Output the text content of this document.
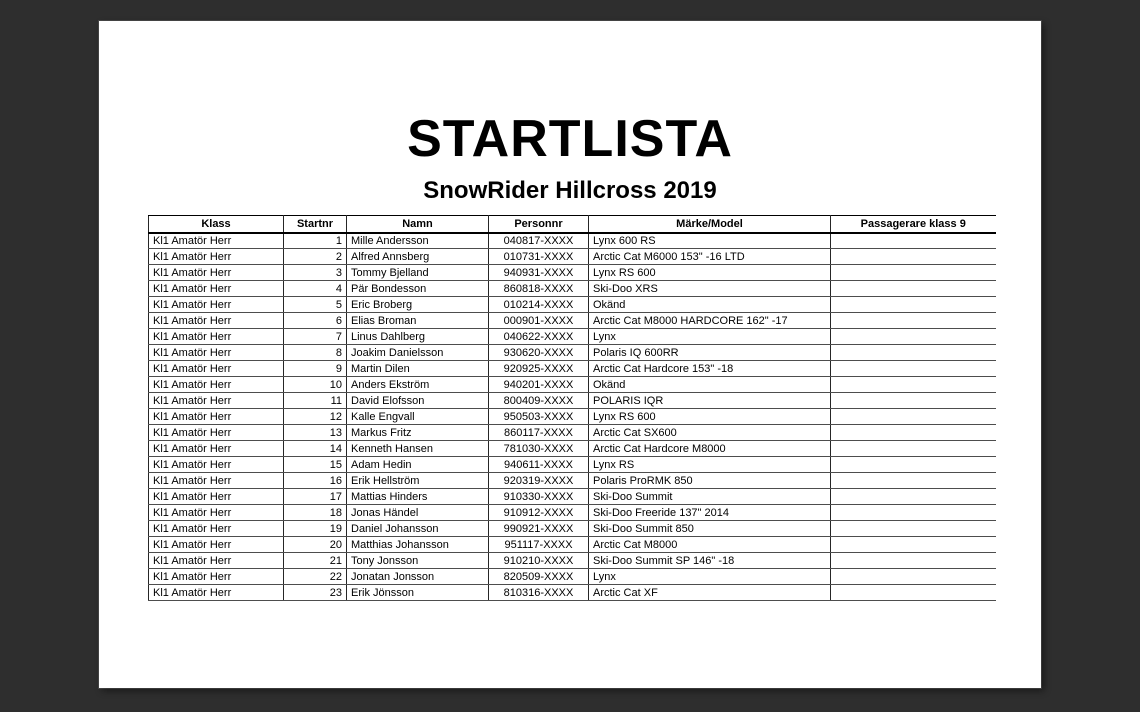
STARTLISTA
SnowRider Hillcross 2019
Klass	Startnr	Namn	Personnr	Märke/Model	Passagerare klass 9
Kl1 Amatör Herr	1	Mille Andersson	040817-XXXX	Lynx 600 RS	
Kl1 Amatör Herr	2	Alfred Annsberg	010731-XXXX	Arctic Cat M6000 153" -16 LTD	
Kl1 Amatör Herr	3	Tommy Bjelland	940931-XXXX	Lynx RS 600	
Kl1 Amatör Herr	4	Pär Bondesson	860818-XXXX	Ski-Doo XRS	
Kl1 Amatör Herr	5	Eric Broberg	010214-XXXX	Okänd	
Kl1 Amatör Herr	6	Elias Broman	000901-XXXX	Arctic Cat M8000 HARDCORE 162" -17	
Kl1 Amatör Herr	7	Linus Dahlberg	040622-XXXX	Lynx	
Kl1 Amatör Herr	8	Joakim Danielsson	930620-XXXX	Polaris IQ 600RR	
Kl1 Amatör Herr	9	Martin Dilen	920925-XXXX	Arctic Cat Hardcore 153" -18	
Kl1 Amatör Herr	10	Anders Ekström	940201-XXXX	Okänd	
Kl1 Amatör Herr	11	David Elofsson	800409-XXXX	POLARIS IQR	
Kl1 Amatör Herr	12	Kalle Engvall	950503-XXXX	Lynx RS 600	
Kl1 Amatör Herr	13	Markus Fritz	860117-XXXX	Arctic Cat SX600	
Kl1 Amatör Herr	14	Kenneth Hansen	781030-XXXX	Arctic Cat Hardcore M8000	
Kl1 Amatör Herr	15	Adam Hedin	940611-XXXX	Lynx RS	
Kl1 Amatör Herr	16	Erik Hellström	920319-XXXX	Polaris ProRMK 850	
Kl1 Amatör Herr	17	Mattias Hinders	910330-XXXX	Ski-Doo Summit	
Kl1 Amatör Herr	18	Jonas Händel	910912-XXXX	Ski-Doo Freeride 137" 2014	
Kl1 Amatör Herr	19	Daniel Johansson	990921-XXXX	Ski-Doo Summit 850	
Kl1 Amatör Herr	20	Matthias Johansson	951117-XXXX	Arctic Cat M8000	
Kl1 Amatör Herr	21	Tony Jonsson	910210-XXXX	Ski-Doo Summit SP 146" -18	
Kl1 Amatör Herr	22	Jonatan Jonsson	820509-XXXX	Lynx	
Kl1 Amatör Herr	23	Erik Jönsson	810316-XXXX	Arctic Cat XF	
